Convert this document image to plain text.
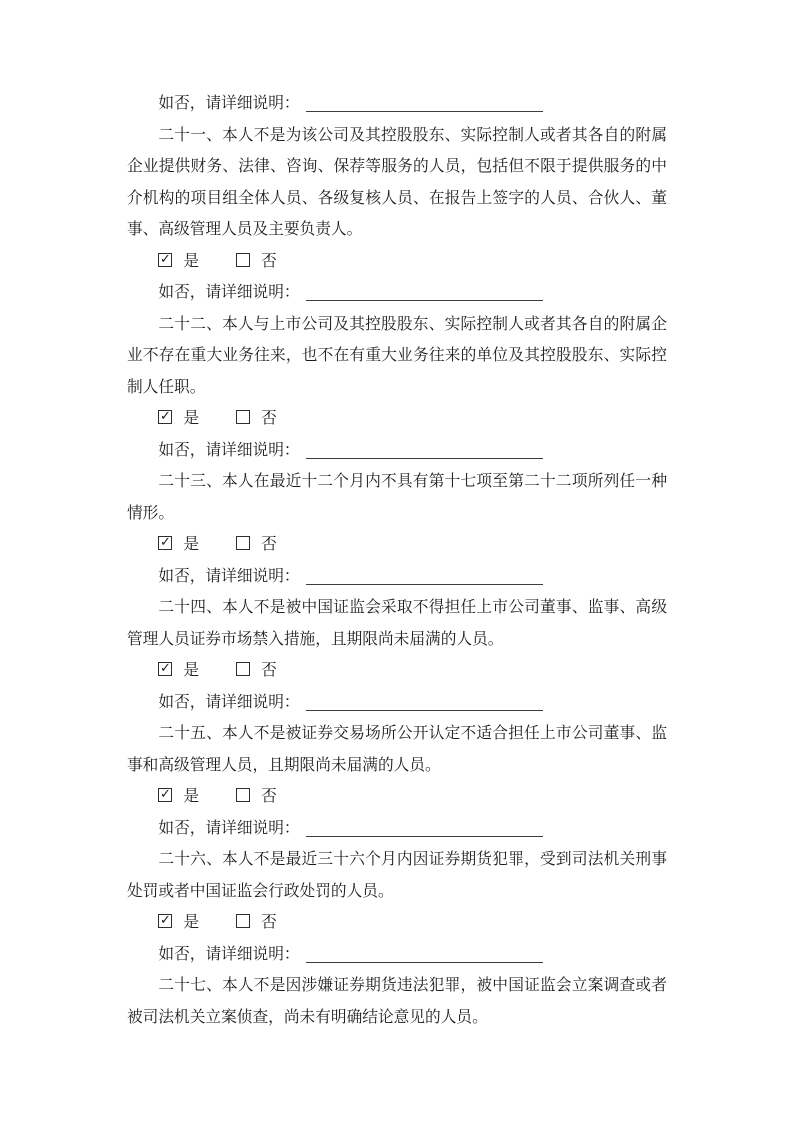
如否，请详细说明：

二十一、本人不是为该公司及其控股股东、实际控制人或者其各自的附属企业提供财务、法律、咨询、保荐等服务的人员，包括但不限于提供服务的中介机构的项目组全体人员、各级复核人员、在报告上签字的人员、合伙人、董事、高级管理人员及主要负责人。

✓ 是	否
如否，请详细说明：

二十二、本人与上市公司及其控股股东、实际控制人或者其各自的附属企业不存在重大业务往来，也不在有重大业务往来的单位及其控股股东、实际控制人任职。

✓ 是	否
如否，请详细说明：

二十三、本人在最近十二个月内不具有第十七项至第二十二项所列任一种情形。

✓ 是	否
如否，请详细说明：

二十四、本人不是被中国证监会采取不得担任上市公司董事、监事、高级管理人员证券市场禁入措施，且期限尚未届满的人员。

✓ 是	否
如否，请详细说明：

二十五、本人不是被证券交易场所公开认定不适合担任上市公司董事、监事和高级管理人员，且期限尚未届满的人员。

✓ 是	否
如否，请详细说明：

二十六、本人不是最近三十六个月内因证券期货犯罪，受到司法机关刑事处罚或者中国证监会行政处罚的人员。

✓ 是	否
如否，请详细说明：

二十七、本人不是因涉嫌证券期货违法犯罪，被中国证监会立案调查或者被司法机关立案侦查，尚未有明确结论意见的人员。
